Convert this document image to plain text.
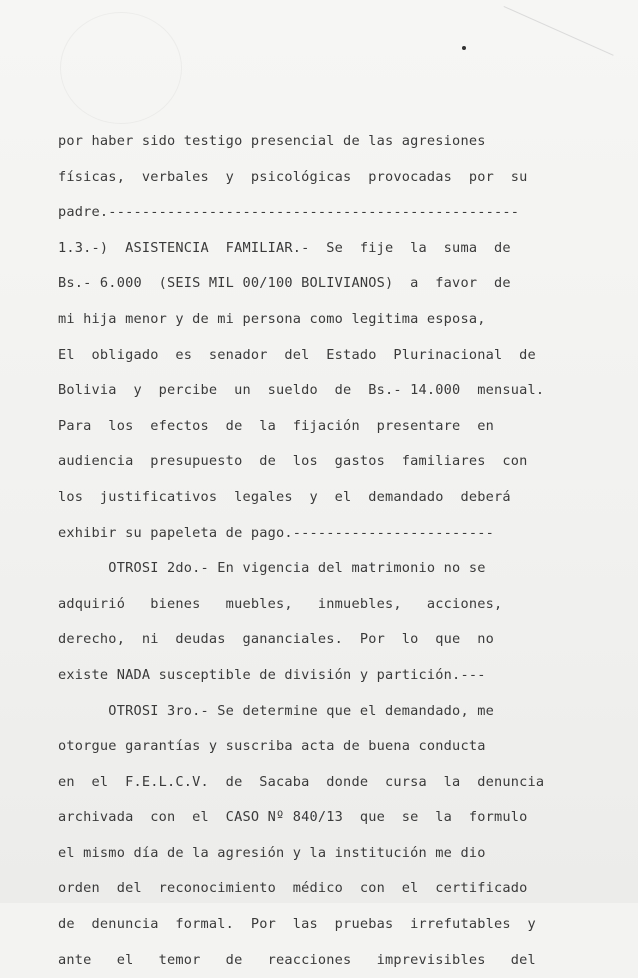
por haber sido testigo presencial de las agresiones
físicas,  verbales  y  psicológicas  provocadas  por  su
padre.-------------------------------------------------
1.3.-)  ASISTENCIA  FAMILIAR.-  Se  fije  la  suma  de
Bs.- 6.000  (SEIS MIL 00/100 BOLIVIANOS)  a  favor  de
mi hija menor y de mi persona como legitima esposa,
El  obligado  es  senador  del  Estado  Plurinacional  de
Bolivia  y  percibe  un  sueldo  de  Bs.- 14.000  mensual.
Para  los  efectos  de  la  fijación  presentare  en
audiencia  presupuesto  de  los  gastos  familiares  con
los  justificativos  legales  y  el  demandado  deberá
exhibir su papeleta de pago.------------------------
OTROSI 2do.- En vigencia del matrimonio no se
adquirió   bienes   muebles,   inmuebles,   acciones,
derecho,  ni  deudas  gananciales.  Por  lo  que  no
existe NADA susceptible de división y partición.---
OTROSI 3ro.- Se determine que el demandado, me
otorgue garantías y suscriba acta de buena conducta
en  el  F.E.L.C.V.  de  Sacaba  donde  cursa  la  denuncia
archivada  con  el  CASO Nº 840/13  que  se  la  formulo
el mismo día de la agresión y la institución me dio
orden  del  reconocimiento  médico  con  el  certificado
de  denuncia  formal.  Por  las  pruebas  irrefutables  y
ante   el   temor   de   reacciones   imprevisibles   del
